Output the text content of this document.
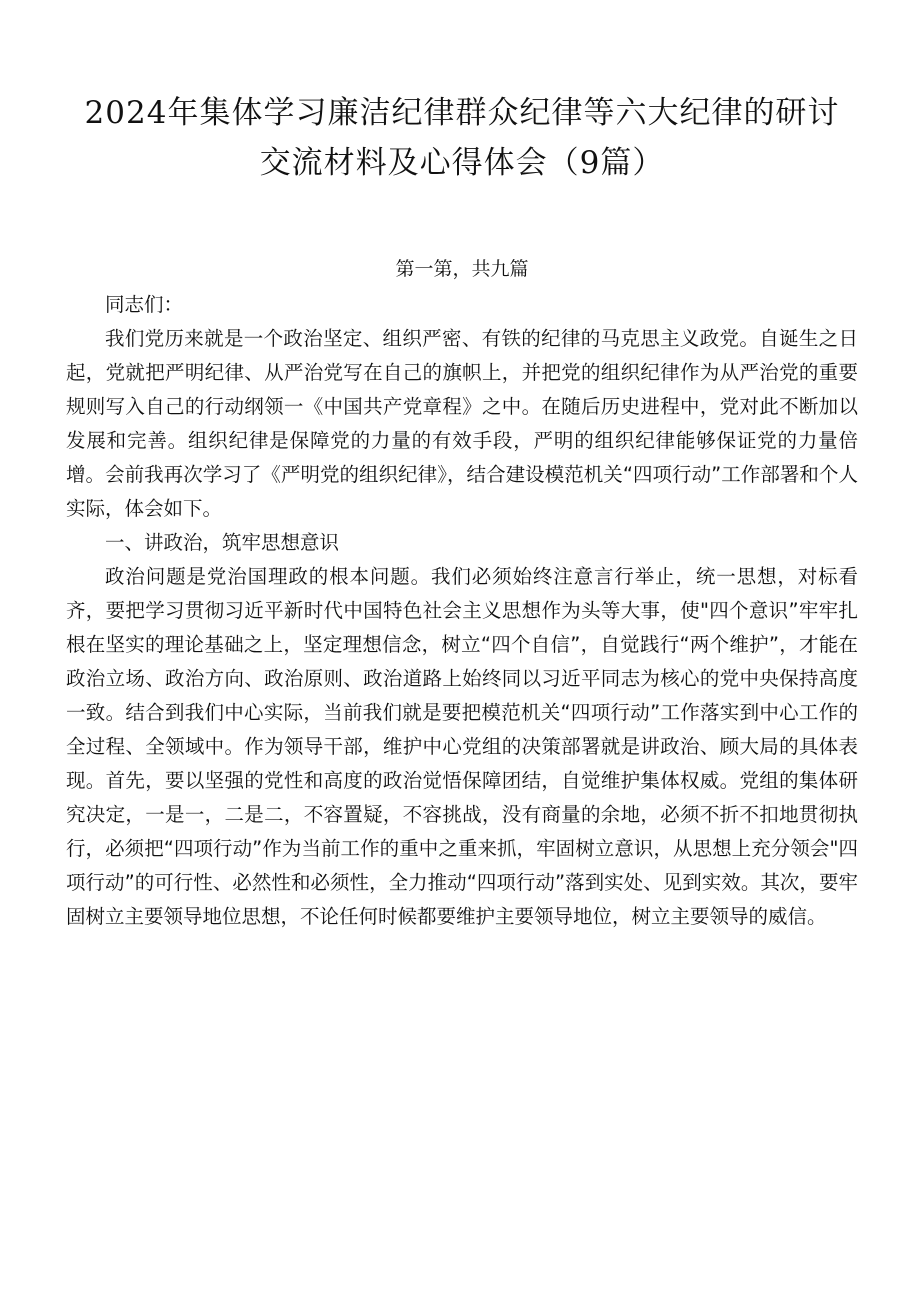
2024年集体学习廉洁纪律群众纪律等六大纪律的研讨
交流材料及心得体会（9篇）

第一第，共九篇

同志们：

我们党历来就是一个政治坚定、组织严密、有铁的纪律的马克思主义政党。自诞生之日起，党就把严明纪律、从严治党写在自己的旗帜上，并把党的组织纪律作为从严治党的重要规则写入自己的行动纲领一《中国共产党章程》之中。在随后历史进程中，党对此不断加以发展和完善。组织纪律是保障党的力量的有效手段，严明的组织纪律能够保证党的力量倍增。会前我再次学习了《严明党的组织纪律》，结合建设模范机关“四项行动”工作部署和个人实际，体会如下。

一、讲政治，筑牢思想意识

政治问题是党治国理政的根本问题。我们必须始终注意言行举止，统一思想，对标看齐，要把学习贯彻习近平新时代中国特色社会主义思想作为头等大事，使"四个意识”牢牢扎根在坚实的理论基础之上，坚定理想信念，树立“四个自信”，自觉践行“两个维护”，才能在政治立场、政治方向、政治原则、政治道路上始终同以习近平同志为核心的党中央保持高度一致。结合到我们中心实际，当前我们就是要把模范机关“四项行动”工作落实到中心工作的全过程、全领域中。作为领导干部，维护中心党组的决策部署就是讲政治、顾大局的具体表现。首先，要以坚强的党性和高度的政治觉悟保障团结，自觉维护集体权威。党组的集体研究决定，一是一，二是二，不容置疑，不容挑战，没有商量的余地，必须不折不扣地贯彻执行，必须把“四项行动”作为当前工作的重中之重来抓，牢固树立意识，从思想上充分领会"四项行动”的可行性、必然性和必须性，全力推动“四项行动”落到实处、见到实效。其次，要牢固树立主要领导地位思想，不论任何时候都要维护主要领导地位，树立主要领导的威信。
